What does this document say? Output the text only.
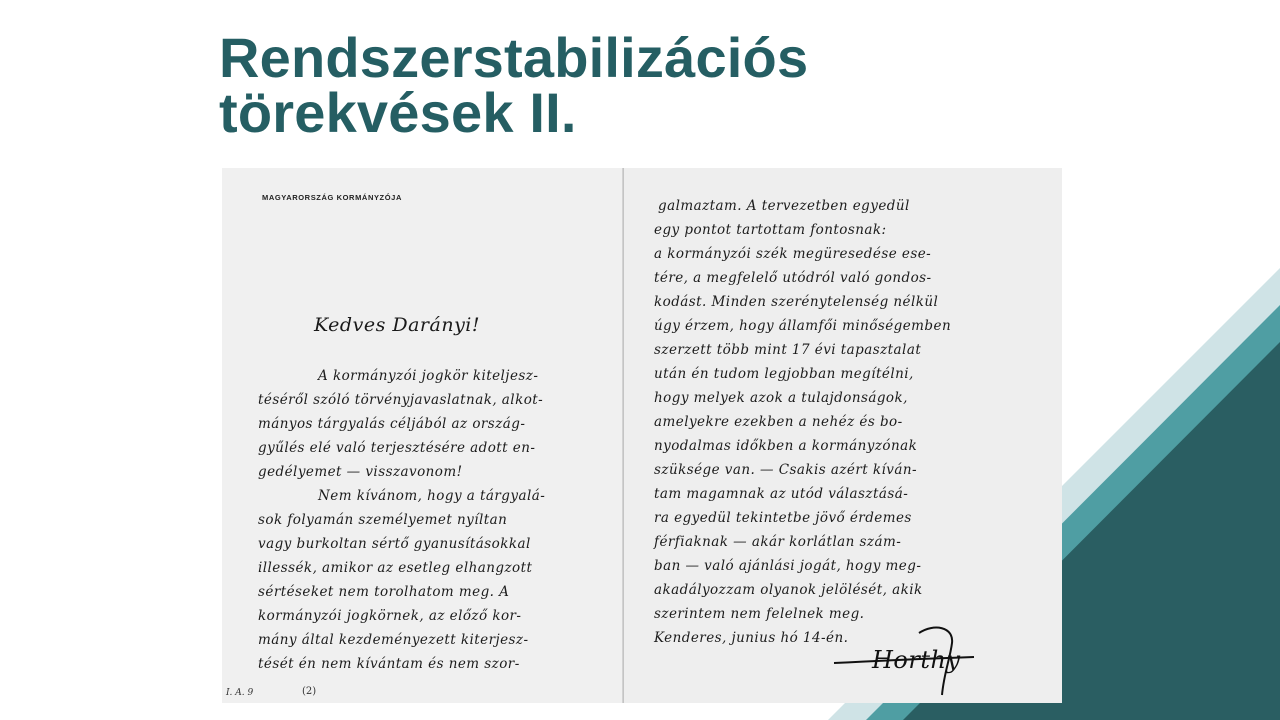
Rendszerstabilizációs
törekvések II.
MAGYARORSZÁG KORMÁNYZÓJA
Kedves Darányi!
A kormányzói jogkör kiteljesz-
téséről szóló törvényjavaslatnak, alkot-
mányos tárgyalás céljából az ország-
gyűlés elé való terjesztésére adott en-
gedélyemet — visszavonom!
Nem kívánom, hogy a tárgyalá-
sok folyamán személyemet nyíltan
vagy burkoltan sértő gyanusításokkal
illessék, amikor az esetleg elhangzott
sértéseket nem torolhatom meg. A
kormányzói jogkörnek, az előző kor-
mány által kezdeményezett kiterjesz-
tését én nem kívántam és nem szor-
I. A. 9	(2)
galmaztam. A tervezetben egyedül
egy pontot tartottam fontosnak:
a kormányzói szék megüresedése ese-
tére, a megfelelő utódról való gondos-
kodást. Minden szerénytelenség nélkül
úgy érzem, hogy államfői minőségemben
szerzett több mint 17 évi tapasztalat
után én tudom legjobban megítélni,
hogy melyek azok a tulajdonságok,
amelyekre ezekben a nehéz és bo-
nyodalmas időkben a kormányzónak
szüksége van. — Csakis azért kíván-
tam magamnak az utód választásá-
ra egyedül tekintetbe jövő érdemes
férfiaknak — akár korlátlan szám-
ban — való ajánlási jogát, hogy meg-
akadályozzam olyanok jelölését, akik
szerintem nem felelnek meg.
Kenderes, junius hó 14-én.
Horthy
